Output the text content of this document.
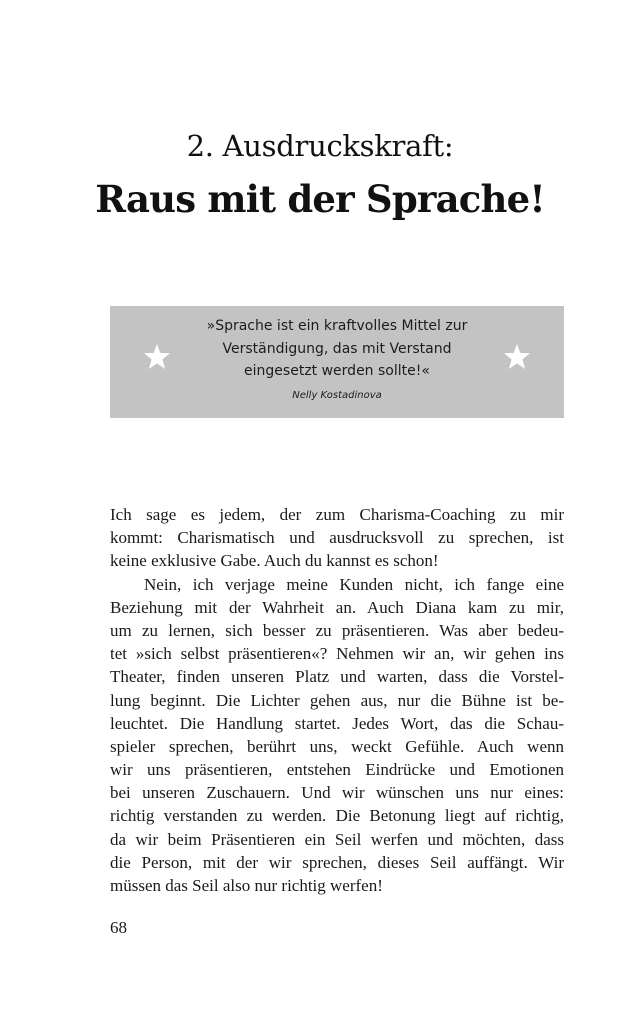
2. Ausdruckskraft:
Raus mit der Sprache!
»Sprache ist ein kraftvolles Mittel zur
Verständigung, das mit Verstand
eingesetzt werden sollte!«
Nelly Kostadinova
Ich sage es jedem, der zum Charisma-Coaching zu mir
kommt: Charismatisch und ausdrucksvoll zu sprechen, ist
keine exklusive Gabe. Auch du kannst es schon!
Nein, ich verjage meine Kunden nicht, ich fange eine
Beziehung mit der Wahrheit an. Auch Diana kam zu mir,
um zu lernen, sich besser zu präsentieren. Was aber bedeu-
tet »sich selbst präsentieren«? Nehmen wir an, wir gehen ins
Theater, finden unseren Platz und warten, dass die Vorstel-
lung beginnt. Die Lichter gehen aus, nur die Bühne ist be-
leuchtet. Die Handlung startet. Jedes Wort, das die Schau-
spieler sprechen, berührt uns, weckt Gefühle. Auch wenn
wir uns präsentieren, entstehen Eindrücke und Emotionen
bei unseren Zuschauern. Und wir wünschen uns nur eines:
richtig verstanden zu werden. Die Betonung liegt auf richtig,
da wir beim Präsentieren ein Seil werfen und möchten, dass
die Person, mit der wir sprechen, dieses Seil auffängt. Wir
müssen das Seil also nur richtig werfen!
68
